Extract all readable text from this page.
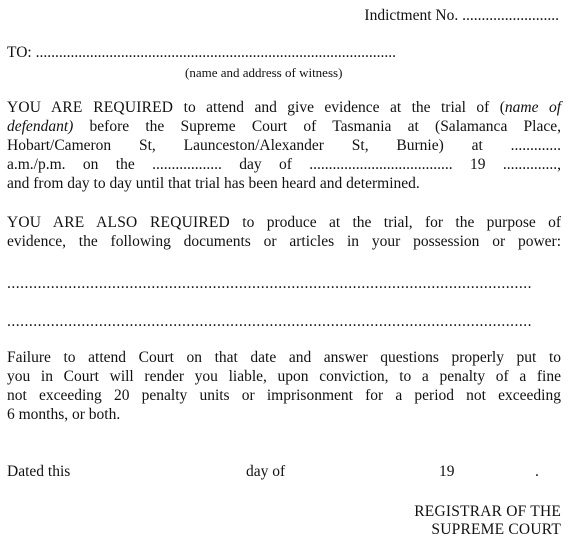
Indictment No. .........................
TO: .............................................................................................
(name and address of witness)
YOU ARE REQUIRED to attend and give evidence at the trial of (name of
defendant) before the Supreme Court of Tasmania at (Salamanca Place,
Hobart/Cameron St, Launceston/Alexander St, Burnie) at .............
a.m./p.m. on the .................. day of ..................................... 19 ..............,
and from day to day until that trial has been heard and determined.
YOU ARE ALSO REQUIRED to produce at the trial, for the purpose of
evidence, the following documents or articles in your possession or power:
........................................................................................................................
........................................................................................................................
Failure to attend Court on that date and answer questions properly put to
you in Court will render you liable, upon conviction, to a penalty of a fine
not exceeding 20 penalty units or imprisonment for a period not exceeding
6 months, or both.
Dated this	day of	19	.
REGISTRAR OF THE
SUPREME COURT
